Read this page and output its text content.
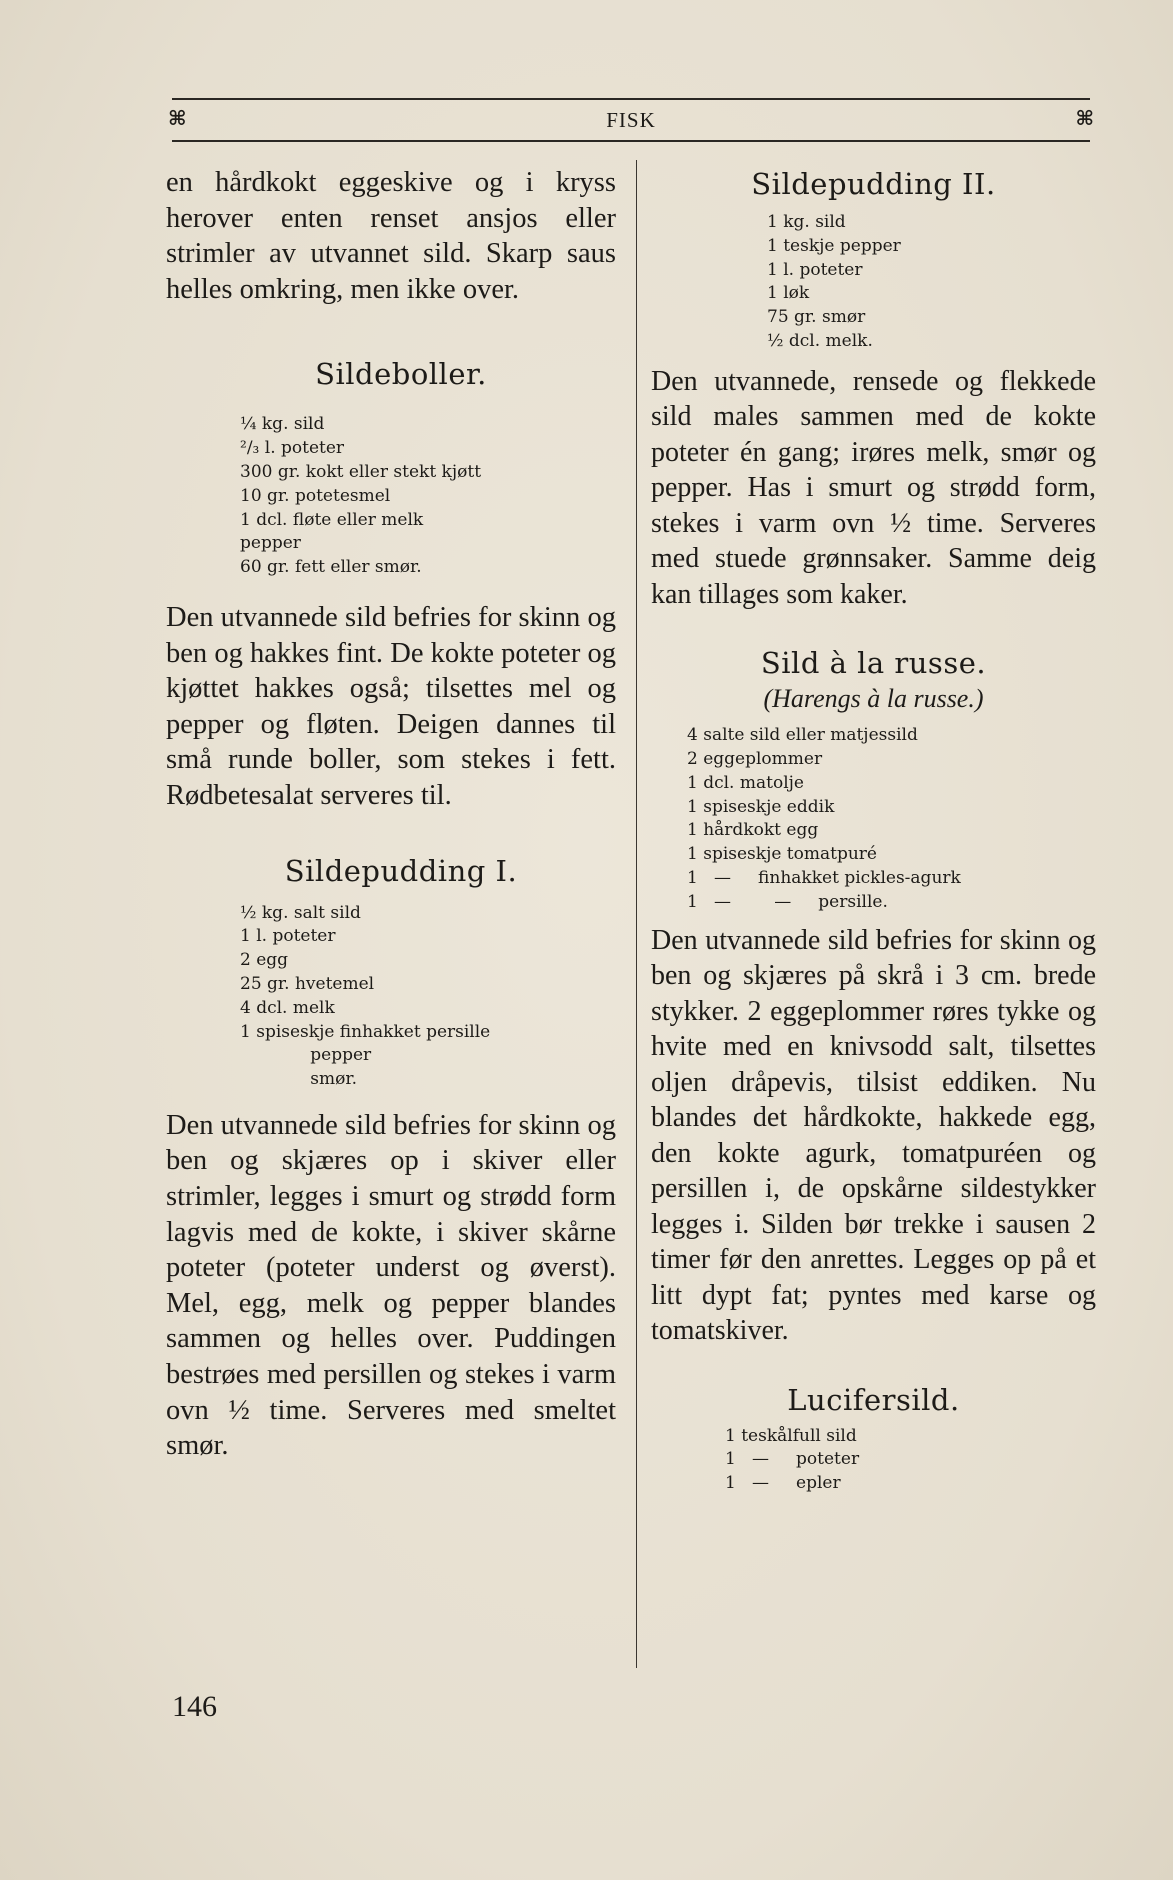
⌘	FISK	⌘

en hårdkokt eggeskive og i kryss herover enten renset ansjos eller strimler av utvannet sild. Skarp saus helles omkring, men ikke over.

Sildeboller.
¼ kg. sild
²/₃ l. poteter
300 gr. kokt eller stekt kjøtt
10 gr. potetesmel
1 dcl. fløte eller melk
pepper
60 gr. fett eller smør.

Den utvannede sild befries for skinn og ben og hakkes fint. De kokte poteter og kjøttet hakkes også; tilsettes mel og pepper og fløten. Deigen dannes til små runde boller, som stekes i fett. Rødbetesalat serveres til.

Sildepudding I.
½ kg. salt sild
1 l. poteter
2 egg
25 gr. hvetemel
4 dcl. melk
1 spiseskje finhakket persille
pepper
smør.

Den utvannede sild befries for skinn og ben og skjæres op i skiver eller strimler, legges i smurt og strødd form lagvis med de kokte, i skiver skårne poteter (poteter underst og øverst). Mel, egg, melk og pepper blandes sammen og helles over. Puddingen bestrøes med persillen og stekes i varm ovn ½ time. Serveres med smeltet smør.

Sildepudding II.
1 kg. sild
1 teskje pepper
1 l. poteter
1 løk
75 gr. smør
½ dcl. melk.

Den utvannede, rensede og flekkede sild males sammen med de kokte poteter én gang; irøres melk, smør og pepper. Has i smurt og strødd form, stekes i varm ovn ½ time. Serveres med stuede grønnsaker. Samme deig kan tillages som kaker.

Sild à la russe.

(Harengs à la russe.)

4 salte sild eller matjessild
2 eggeplommer
1 dcl. matolje
1 spiseskje eddik
1 hårdkokt egg
1 spiseskje tomatpuré
1   —     finhakket pickles-agurk
1   —        —     persille.

Den utvannede sild befries for skinn og ben og skjæres på skrå i 3 cm. brede stykker. 2 eggeplommer røres tykke og hvite med en knivsodd salt, tilsettes oljen dråpevis, tilsist eddiken. Nu blandes det hårdkokte, hakkede egg, den kokte agurk, tomatpuréen og persillen i, de opskårne sildestykker legges i. Silden bør trekke i sausen 2 timer før den anrettes. Legges op på et litt dypt fat; pyntes med karse og tomatskiver.

Lucifersild.
1 teskålfull sild
1   —     poteter
1   —     epler
146
